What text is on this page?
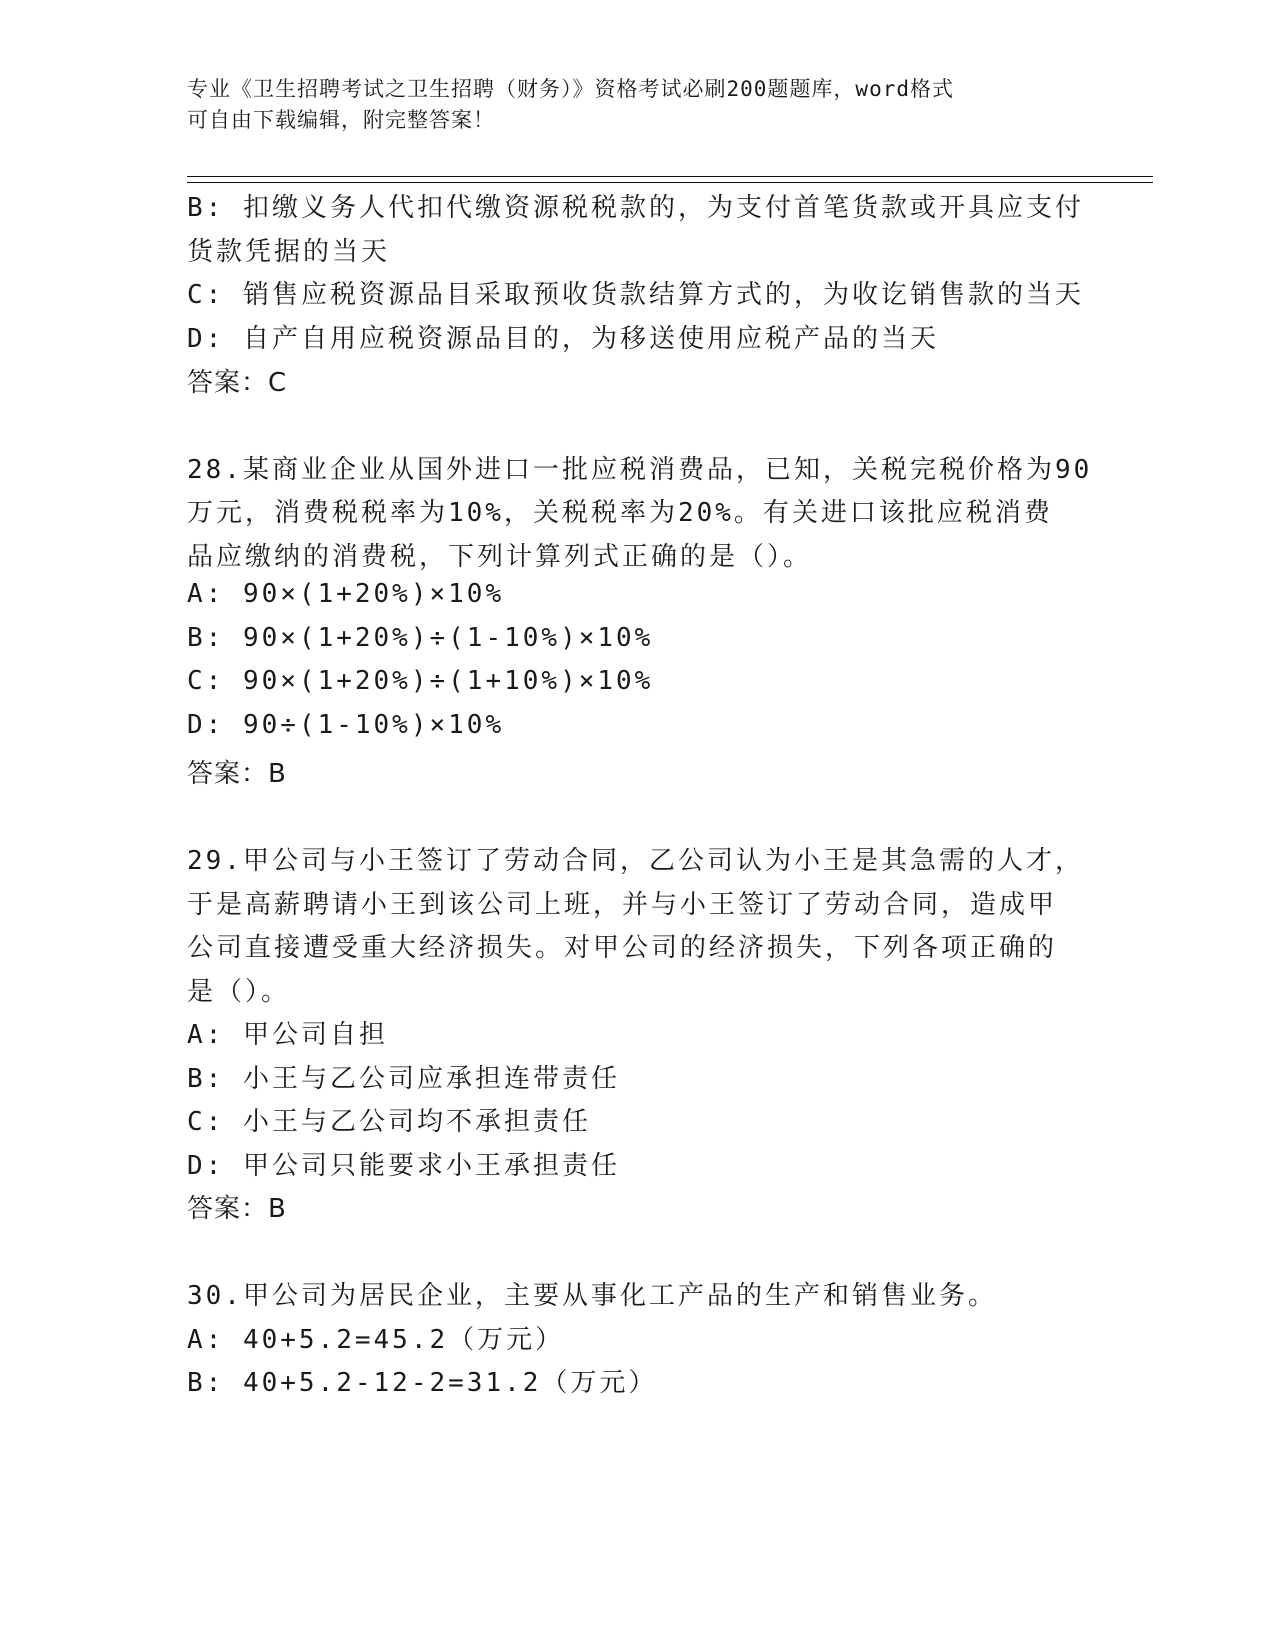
专业《卫生招聘考试之卫生招聘（财务）》资格考试必刷200题题库，word格式
可自由下载编辑，附完整答案！
B: 扣缴义务人代扣代缴资源税税款的，为支付首笔货款或开具应支付
货款凭据的当天
C: 销售应税资源品目采取预收货款结算方式的，为收讫销售款的当天
D: 自产自用应税资源品目的，为移送使用应税产品的当天
答案：C
28.某商业企业从国外进口一批应税消费品，已知，关税完税价格为90
万元，消费税税率为10%，关税税率为20%。有关进口该批应税消费
品应缴纳的消费税，下列计算列式正确的是（）。
A: 90×(1+20%)×10%
B: 90×(1+20%)÷(1-10%)×10%
C: 90×(1+20%)÷(1+10%)×10%
D: 90÷(1-10%)×10%
答案：B
29.甲公司与小王签订了劳动合同，乙公司认为小王是其急需的人才，
于是高薪聘请小王到该公司上班，并与小王签订了劳动合同，造成甲
公司直接遭受重大经济损失。对甲公司的经济损失，下列各项正确的
是（）。
A: 甲公司自担
B: 小王与乙公司应承担连带责任
C: 小王与乙公司均不承担责任
D: 甲公司只能要求小王承担责任
答案：B
30.甲公司为居民企业，主要从事化工产品的生产和销售业务。
A: 40+5.2=45.2（万元）
B: 40+5.2-12-2=31.2（万元）
